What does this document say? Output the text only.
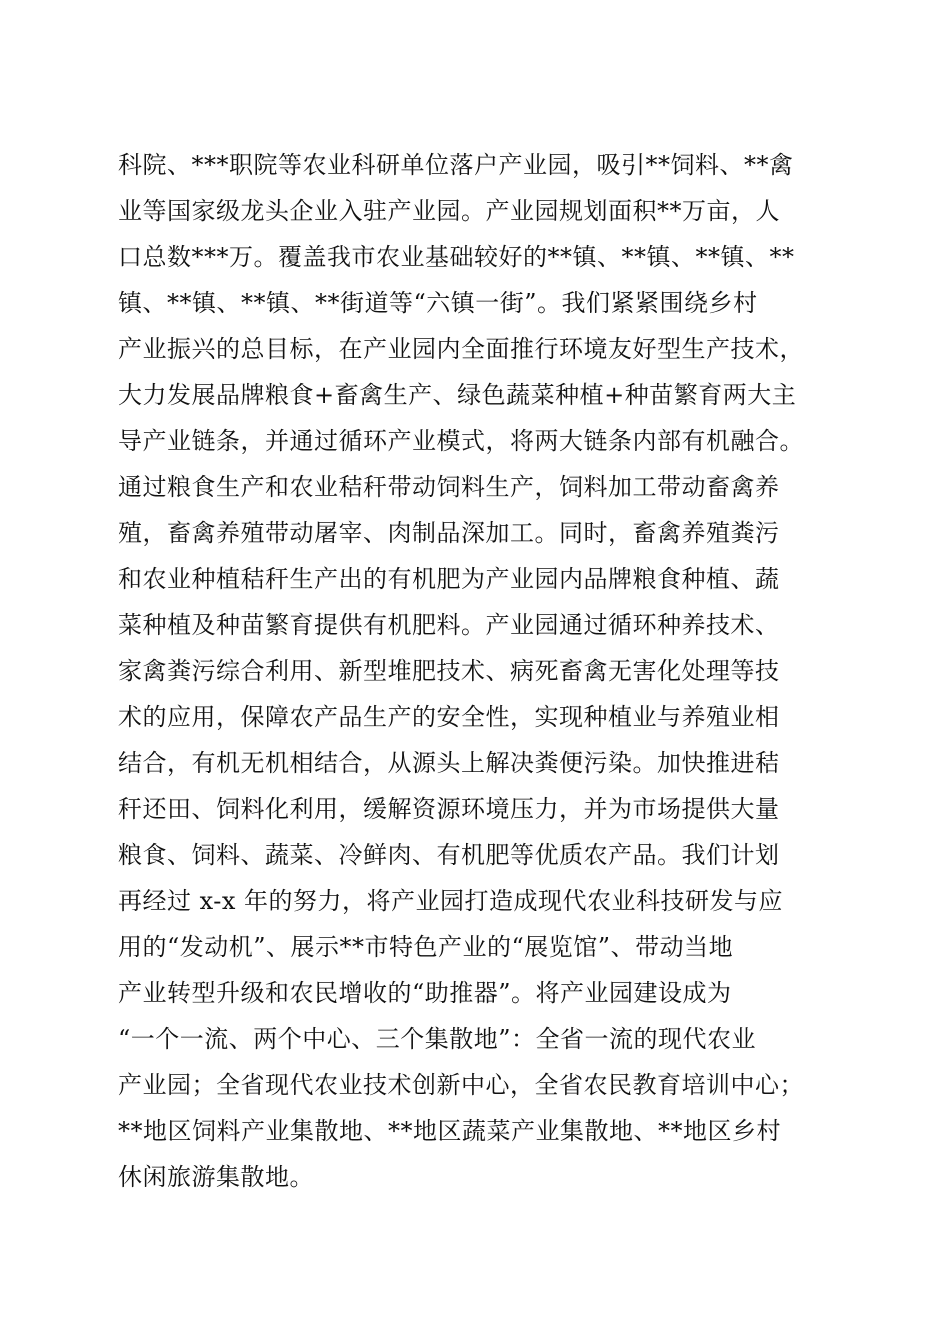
科院、***职院等农业科研单位落户产业园，吸引**饲料、**禽
业等国家级龙头企业入驻产业园。产业园规划面积**万亩，人
口总数***万。覆盖我市农业基础较好的**镇、**镇、**镇、**
镇、**镇、**镇、**街道等“六镇一街”。我们紧紧围绕乡村
产业振兴的总目标，在产业园内全面推行环境友好型生产技术，
大力发展品牌粮食+畜禽生产、绿色蔬菜种植+种苗繁育两大主
导产业链条，并通过循环产业模式，将两大链条内部有机融合。
通过粮食生产和农业秸秆带动饲料生产，饲料加工带动畜禽养
殖，畜禽养殖带动屠宰、肉制品深加工。同时，畜禽养殖粪污
和农业种植秸秆生产出的有机肥为产业园内品牌粮食种植、蔬
菜种植及种苗繁育提供有机肥料。产业园通过循环种养技术、
家禽粪污综合利用、新型堆肥技术、病死畜禽无害化处理等技
术的应用，保障农产品生产的安全性，实现种植业与养殖业相
结合，有机无机相结合，从源头上解决粪便污染。加快推进秸
秆还田、饲料化利用，缓解资源环境压力，并为市场提供大量
粮食、饲料、蔬菜、冷鲜肉、有机肥等优质农产品。我们计划
再经过 x-x 年的努力，将产业园打造成现代农业科技研发与应
用的“发动机”、展示**市特色产业的“展览馆”、带动当地
产业转型升级和农民增收的“助推器”。将产业园建设成为
“一个一流、两个中心、三个集散地”：全省一流的现代农业
产业园；全省现代农业技术创新中心，全省农民教育培训中心；
**地区饲料产业集散地、**地区蔬菜产业集散地、**地区乡村
休闲旅游集散地。
